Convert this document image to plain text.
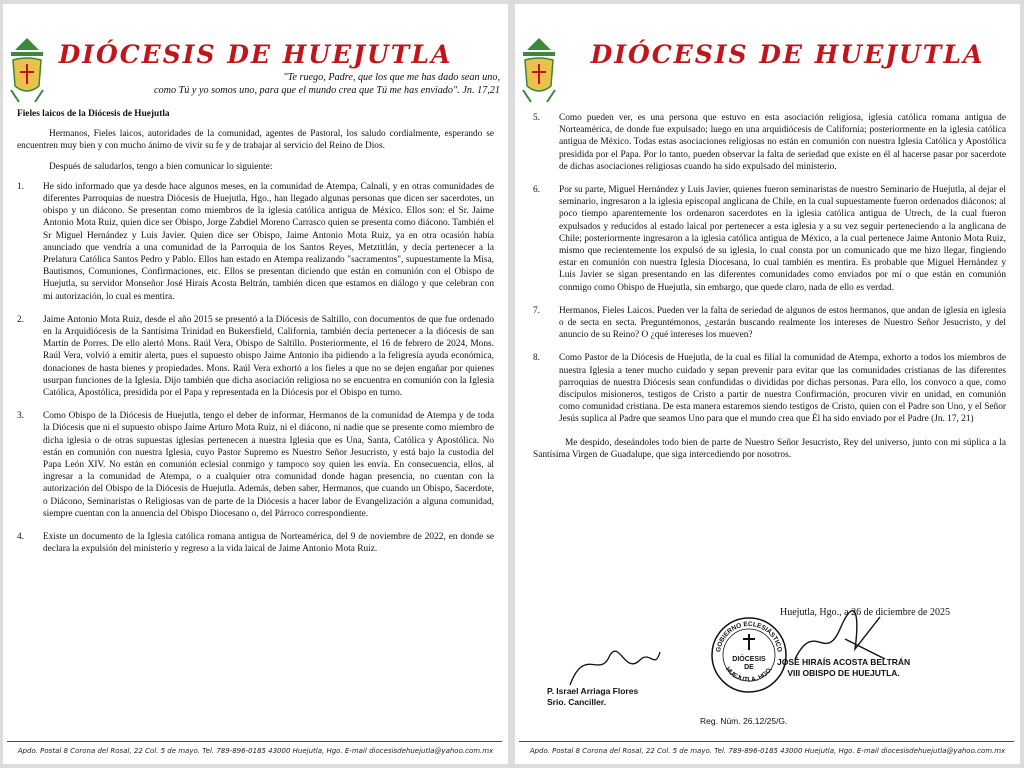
DIÓCESIS DE HUEJUTLA
"Te ruego, Padre, que los que me has dado sean uno,
como Tú y yo somos uno, para que el mundo crea que Tú me has enviado". Jn. 17,21

Fieles laicos de la Diócesis de Huejutla

Hermanos, Fieles laicos, autoridades de la comunidad, agentes de Pastoral, los saludo cordialmente, esperando se encuentren muy bien y con mucho ánimo de vivir su fe y de trabajar al servicio del Reino de Dios.

Después de saludarlos, tengo a bien comunicar lo siguiente:

1.	He sido informado que ya desde hace algunos meses, en la comunidad de Atempa, Calnali, y en otras comunidades de diferentes Parroquias de nuestra Diócesis de Huejutla, Hgo., han llegado algunas personas que dicen ser sacerdotes, un obispo y un diácono. Se presentan como miembros de la iglesia católica antigua de México. Ellos son: el Sr. Jaime Antonio Mota Ruiz, quien dice ser Obispo, Jorge Zabdiel Moreno Carrasco quien se presenta como diácono. También el Sr Miguel Hernández y Luis Javier. Quien dice ser Obispo, Jaime Antonio Mota Ruiz, ya en otra ocasión había anunciado que vendría a una comunidad de la Parroquia de los Santos Reyes, Metztitlán, y decía pertenecer a la Prelatura Católica Santos Pedro y Pablo. Ellos han estado en Atempa realizando "sacramentos", supuestamente la Misa, Bautismos, Comuniones, Confirmaciones, etc. Ellos se presentan diciendo que están en comunión con el Obispo de Huejutla, su servidor Monseñor José Hiraís Acosta Beltrán, también dicen que estamos en diálogo y que celebran con mi autorización, lo cual es mentira.
2.	Jaime Antonio Mota Ruiz, desde el año 2015 se presentó a la Diócesis de Saltillo, con documentos de que fue ordenado en la Arquidiócesis de la Santísima Trinidad en Bukersfield, California, también decía pertenecer a la diócesis de san Martín de Porres. De ello alertó Mons. Raúl Vera, Obispo de Saltillo. Posteriormente, el 16 de febrero de 2024, Mons. Raúl Vera, volvió a emitir alerta, pues el supuesto obispo Jaime Antonio iba pidiendo a la feligresía ayuda económica, donaciones de hasta bienes y propiedades. Mons. Raúl Vera exhortó a los fieles a que no se dejen engañar por quienes usurpan funciones de la Iglesia. Dijo también que dicha asociación religiosa no se encuentra en comunión con la Iglesia Católica, Apostólica, presidida por el Papa y representada en la Diócesis por el Obispo en turno.
3.	Como Obispo de la Diócesis de Huejutla, tengo el deber de informar, Hermanos de la comunidad de Atempa y de toda la Diócesis que ni el supuesto obispo Jaime Arturo Mota Ruiz, ni el diácono, ni nadie que se presente como miembro de dicha iglesia o de otras supuestas iglesias pertenecen a nuestra Iglesia que es Una, Santa, Católica y Apostólica. No están en comunión con nuestra Iglesia, cuyo Pastor Supremo es Nuestro Señor Jesucristo, y está bajo la custodia del Papa León XIV. No están en comunión eclesial conmigo y tampoco soy quien les envía. En consecuencia, ellos, al ingresar a la comunidad de Atempa, o a cualquier otra comunidad donde hagan presencia, no cuentan con la autorización del Obispo de la Diócesis de Huejutla. Además, deben saber, Hermanos, que cuando un Obispo, Sacerdote, o Diácono, Seminaristas o Religiosas van de parte de la Diócesis a hacer labor de Evangelización a alguna comunidad, siempre cuentan con la anuencia del Obispo Diocesano o, del Párroco correspondiente.
4.	Existe un documento de la Iglesia católica romana antigua de Norteamérica, del 9 de noviembre de 2022, en donde se declara la expulsión del ministerio y regreso a la vida laical de Jaime Antonio Mota Ruiz.
Apdo. Postal 8 Corona del Rosal, 22 Col. 5 de mayo. Tel. 789-896-0185 43000 Huejutla, Hgo. E-mail diocesisdehuejutla@yahoo.com.mx
DIÓCESIS DE HUEJUTLA
5.	Como pueden ver, es una persona que estuvo en esta asociación religiosa, iglesia católica romana antigua de Norteamérica, de donde fue expulsado; luego en una arquidiócesis de California; posteriormente en la iglesia católica antigua de México. Todas estas asociaciones religiosas no están en comunión con nuestra Iglesia Católica y Apostólica presidida por el Papa. Por lo tanto, pueden observar la falta de seriedad que existe en él al hacerse pasar por sacerdote de dichas asociaciones religiosas cuando ha sido expulsado del ministerio.
6.	Por su parte, Miguel Hernández y Luis Javier, quienes fueron seminaristas de nuestro Seminario de Huejutla, al dejar el seminario, ingresaron a la iglesia episcopal anglicana de Chile, en la cual supuestamente fueron ordenados diáconos; al poco tiempo aparentemente los ordenaron sacerdotes en la iglesia católica antigua de Utrech, de la cual fueron expulsados y reducidos al estado laical por pertenecer a esta iglesia y a su vez seguir perteneciendo a la anglicana de Chile; posteriormente ingresaron a la iglesia católica antigua de México, a la cual pertenece Jaime Antonio Mota Ruiz, mismo que recientemente los expulsó de su iglesia, lo cual consta por un comunicado que me hizo llegar, fingiendo estar en comunión con nuestra Iglesia Diocesana, lo cual también es mentira. Es probable que Miguel Hernández y Luis Javier se sigan presentando en las diferentes comunidades como enviados por mí o que están en comunión conmigo como Obispo de Huejutla, sin embargo, que quede claro, nada de ello es verdad.
7.	Hermanos, Fieles Laicos. Pueden ver la falta de seriedad de algunos de estos hermanos, que andan de iglesia en iglesia o de secta en secta. Preguntémonos, ¿estarán buscando realmente los intereses de Nuestro Señor Jesucristo, y del anuncio de su Reino? O ¿qué intereses los mueven?
8.	Como Pastor de la Diócesis de Huejutla, de la cual es filial la comunidad de Atempa, exhorto a todos los miembros de nuestra Iglesia a tener mucho cuidado y sepan prevenir para evitar que las comunidades cristianas de las diferentes parroquias de nuestra Diócesis sean confundidas o divididas por dichas personas. Para ello, los convoco a que, como discípulos misioneros, testigos de Cristo a partir de nuestra Confirmación, procuren vivir en unidad, en comunión como comunidad cristiana. De esta manera estaremos siendo testigos de Cristo, quien con el Padre son Uno, y el Señor Jesús suplica al Padre que seamos Uno para que el mundo crea que Él ha sido enviado por el Padre (Jn. 17, 21)

Me despido, deseándoles todo bien de parte de Nuestro Señor Jesucristo, Rey del universo, junto con mi súplica a la Santísima Virgen de Guadalupe, que siga intercediendo por nosotros.

Huejutla, Hgo., a 26 de diciembre de 2025
GOBIERNO ECLESIÁSTICO
HUEJUTLA, HGO.
DIÓCESIS
DE
JOSÉ HIRAÍS ACOSTA BELTRÁN
VIII OBISPO DE HUEJUTLA.
P. Israel Arriaga Flores
Srio. Canciller.
Reg. Núm. 26.12/25/G.
Apdo. Postal 8 Corona del Rosal, 22 Col. 5 de mayo. Tel. 789-896-0185 43000 Huejutla, Hgo. E-mail diocesisdehuejutla@yahoo.com.mx
